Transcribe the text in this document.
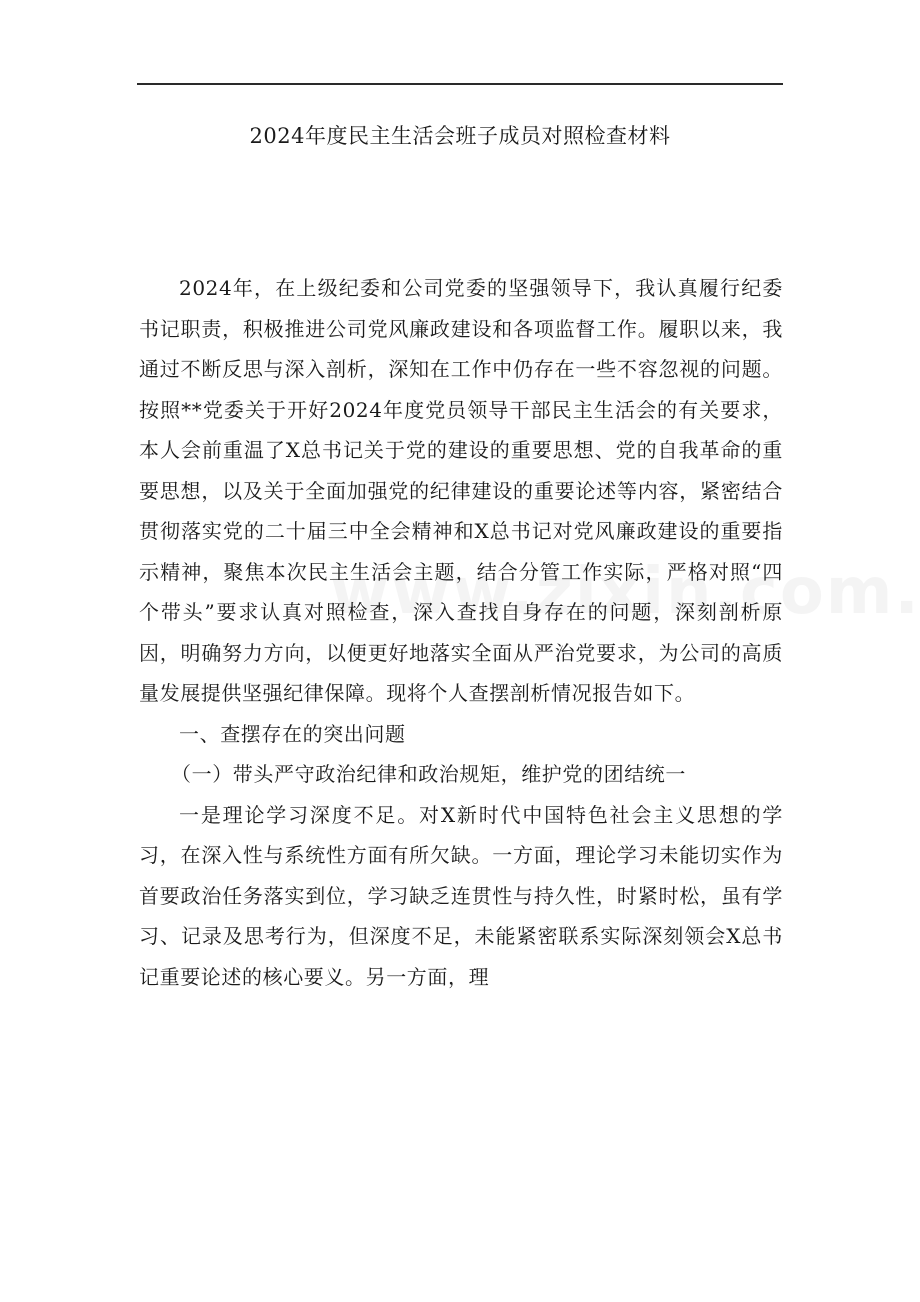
2024年度民主生活会班子成员对照检查材料

2024年，在上级纪委和公司党委的坚强领导下，我认真履行纪委书记职责，积极推进公司党风廉政建设和各项监督工作。履职以来，我通过不断反思与深入剖析，深知在工作中仍存在一些不容忽视的问题。按照**党委关于开好2024年度党员领导干部民主生活会的有关要求，本人会前重温了X总书记关于党的建设的重要思想、党的自我革命的重要思想，以及关于全面加强党的纪律建设的重要论述等内容，紧密结合贯彻落实党的二十届三中全会精神和X总书记对党风廉政建设的重要指示精神，聚焦本次民主生活会主题，结合分管工作实际，严格对照“四个带头”要求认真对照检查，深入查找自身存在的问题，深刻剖析原因，明确努力方向，以便更好地落实全面从严治党要求，为公司的高质量发展提供坚强纪律保障。现将个人查摆剖析情况报告如下。

一、查摆存在的突出问题

（一）带头严守政治纪律和政治规矩，维护党的团结统一

一是理论学习深度不足。对X新时代中国特色社会主义思想的学习，在深入性与系统性方面有所欠缺。一方面，理论学习未能切实作为首要政治任务落实到位，学习缺乏连贯性与持久性，时紧时松，虽有学习、记录及思考行为，但深度不足，未能紧密联系实际深刻领会X总书记重要论述的核心要义。另一方面，理
